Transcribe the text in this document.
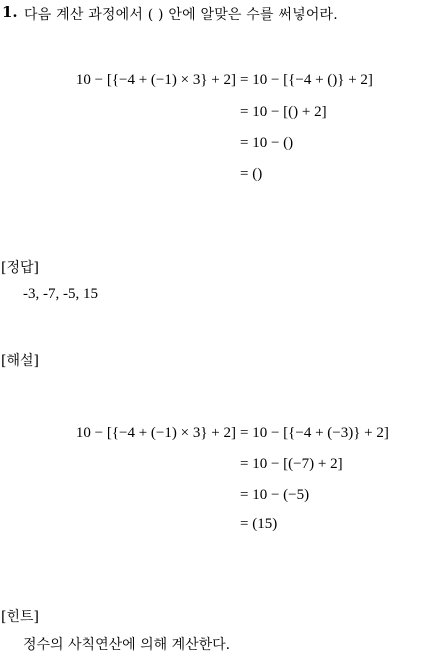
1. 다음 계산 과정에서 ( ) 안에 알맞은 수를 써넣어라.
10 − [{−4 + (−1) × 3} + 2] = 10 − [{−4 + ()} + 2]
= 10 − [() + 2]
= 10 − ()
= ()
[정답]
-3, -7, -5, 15
[해설]
10 − [{−4 + (−1) × 3} + 2] = 10 − [{−4 + (−3)} + 2]
= 10 − [(−7) + 2]
= 10 − (−5)
= (15)
[힌트]
정수의 사칙연산에 의해 계산한다.
